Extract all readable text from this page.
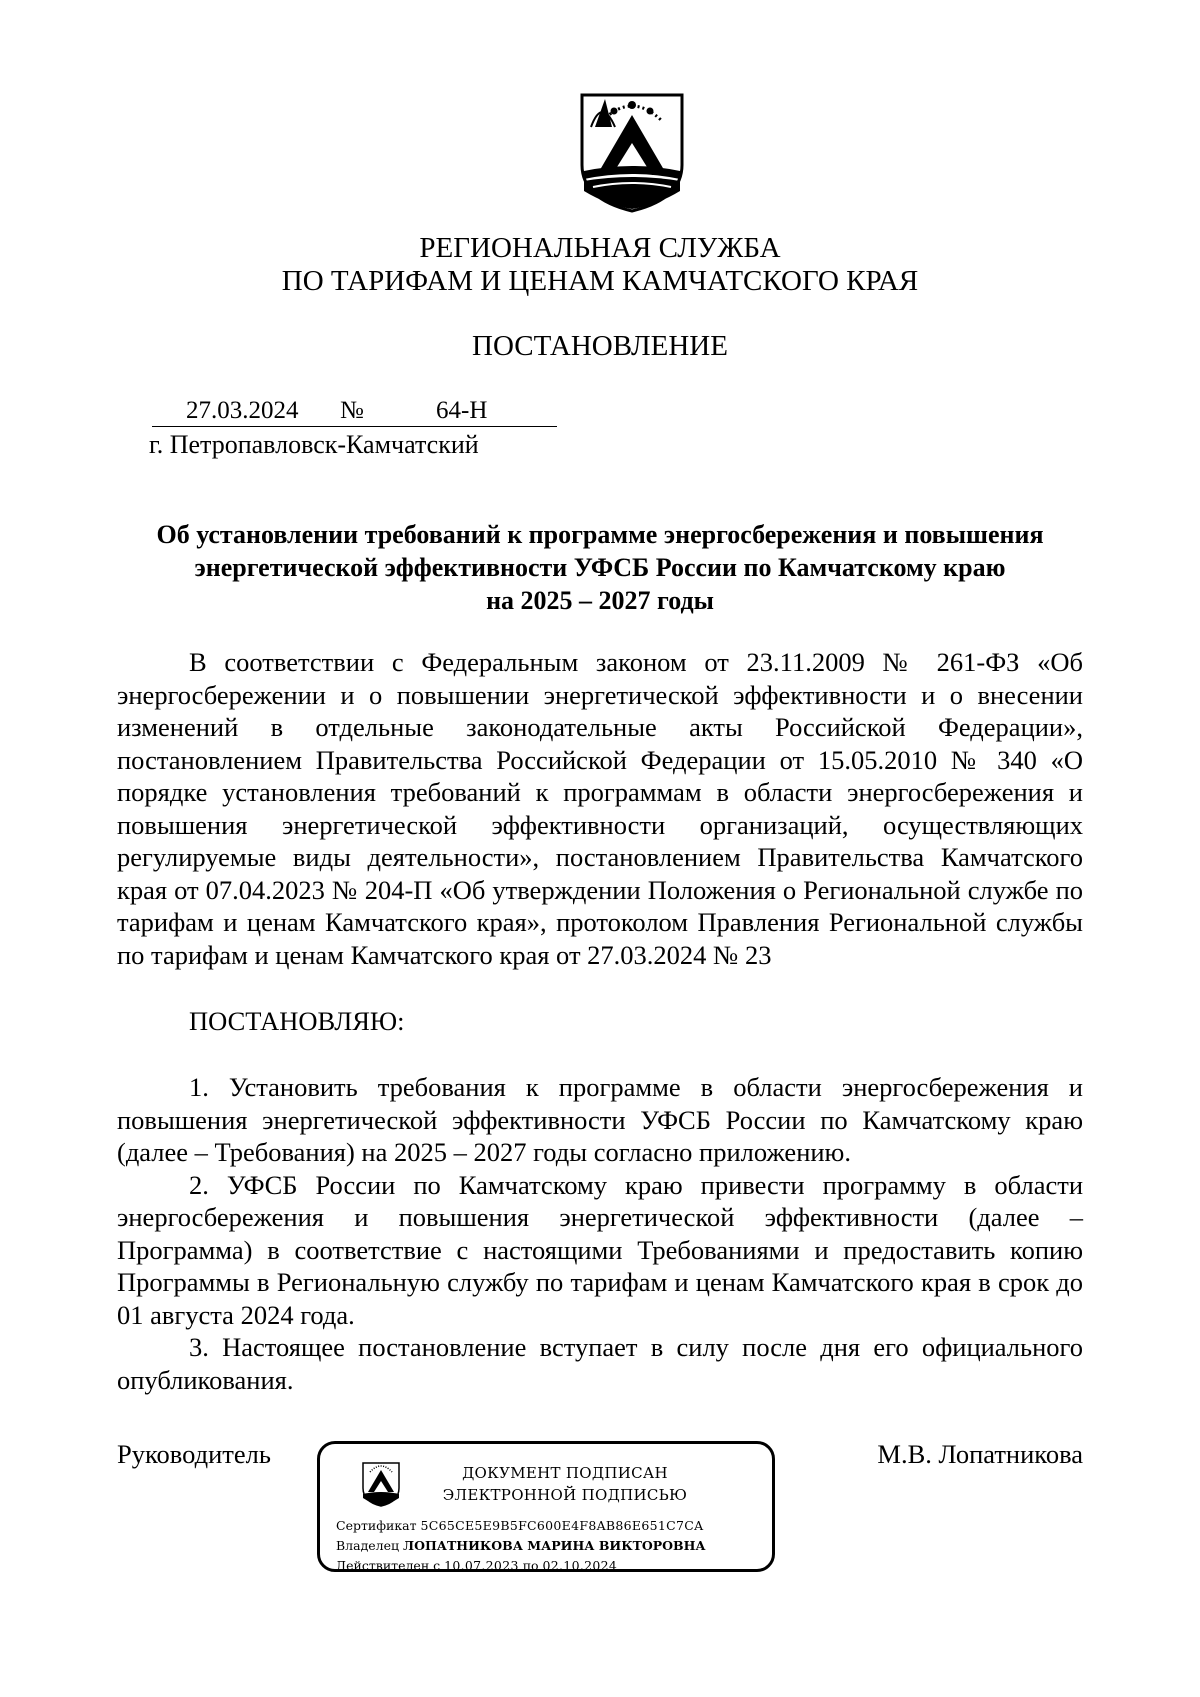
РЕГИОНАЛЬНАЯ СЛУЖБА
ПО ТАРИФАМ И ЦЕНАМ КАМЧАТСКОГО КРАЯ
ПОСТАНОВЛЕНИЕ
27.03.2024 №	64-Н
г. Петропавловск-Камчатский
Об установлении требований к программе энергосбережения и повышения
энергетической эффективности УФСБ России по Камчатскому краю
на 2025 – 2027 годы

В соответствии с Федеральным законом от 23.11.2009 № 261-ФЗ «Об энергосбережении и о повышении энергетической эффективности и о внесении изменений в отдельные законодательные акты Российской Федерации», постановлением Правительства Российской Федерации от 15.05.2010 № 340 «О порядке установления требований к программам в области энергосбережения и повышения энергетической эффективности организаций, осуществляющих регулируемые виды деятельности», постановлением Правительства Камчатского края от 07.04.2023 № 204-П «Об утверждении Положения о Региональной службе по тарифам и ценам Камчатского края», протоколом Правления Региональной службы по тарифам и ценам Камчатского края от 27.03.2024 № 23

ПОСТАНОВЛЯЮ:

1. Установить требования к программе в области энергосбережения и повышения энергетической эффективности УФСБ России по Камчатскому краю (далее – Требования) на 2025 – 2027 годы согласно приложению.

2. УФСБ России по Камчатскому краю привести программу в области энергосбережения и повышения энергетической эффективности (далее – Программа) в соответствие с настоящими Требованиями и предоставить копию Программы в Региональную службу по тарифам и ценам Камчатского края в срок до 01 августа 2024 года.

3. Настоящее постановление вступает в силу после дня его официального опубликования.

Руководитель	М.В. Лопатникова
ДОКУМЕНТ ПОДПИСАН
ЭЛЕКТРОННОЙ ПОДПИСЬЮ
Сертификат 5C65CE5E9B5FC600E4F8AB86E651C7CA
Владелец ЛОПАТНИКОВА МАРИНА ВИКТОРОВНА
Действителен с 10.07.2023 по 02.10.2024
